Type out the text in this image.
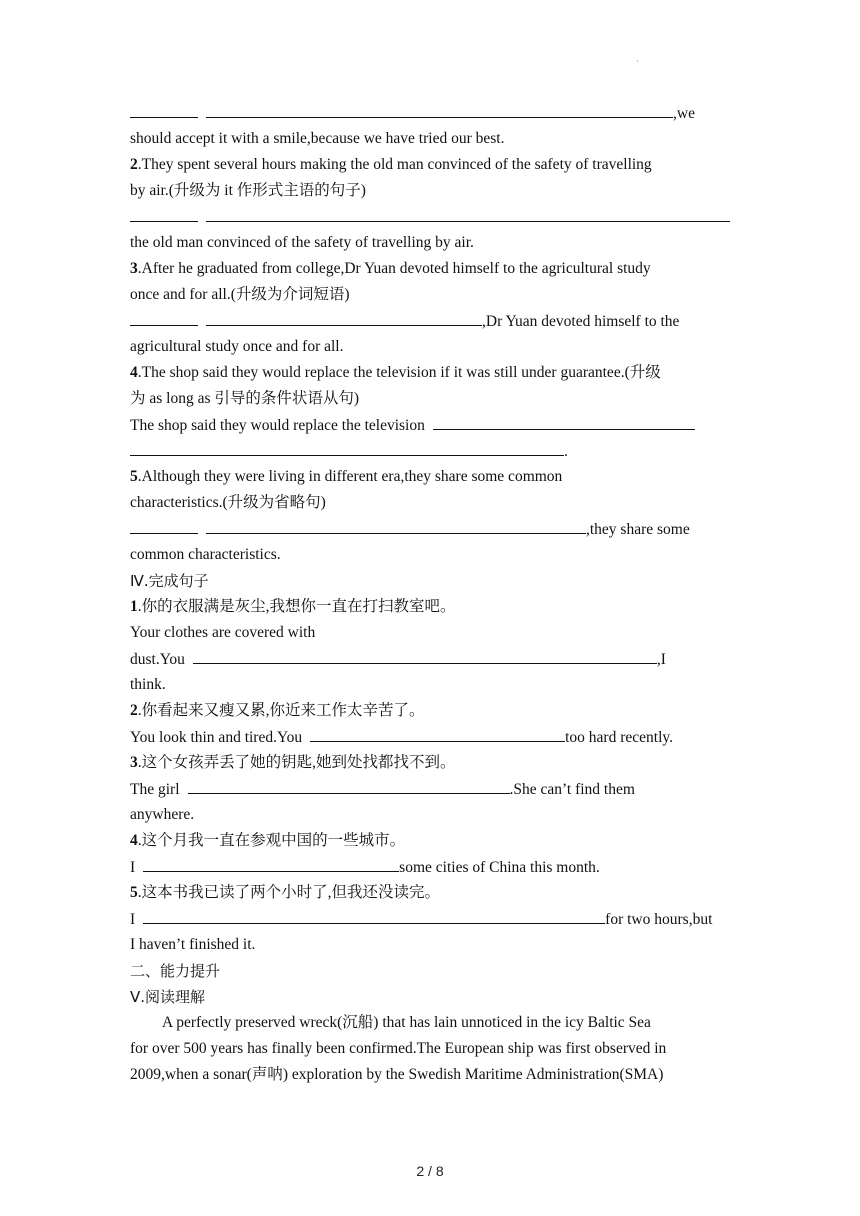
·
,we
should accept it with a smile,because we have tried our best.
2.They spent several hours making the old man convinced of the safety of travelling
by air.(升级为 it 作形式主语的句子)
the old man convinced of the safety of travelling by air.
3.After he graduated from college,Dr Yuan devoted himself to the agricultural study
once and for all.(升级为介词短语)
,Dr Yuan devoted himself to the
agricultural study once and for all.
4.The shop said they would replace the television if it was still under guarantee.(升级
为 as long as 引导的条件状语从句)
The shop said they would replace the television
.
5.Although they were living in different era,they share some common
characteristics.(升级为省略句)
,they share some
common characteristics.
Ⅳ.完成句子
1.你的衣服满是灰尘,我想你一直在打扫教室吧。
Your clothes are covered with
dust.You	,I
think.
2.你看起来又瘦又累,你近来工作太辛苦了。
You look thin and tired.You	too hard recently.
3.这个女孩弄丢了她的钥匙,她到处找都找不到。
The girl	.She can’t find them
anywhere.
4.这个月我一直在参观中国的一些城市。
I	some cities of China this month.
5.这本书我已读了两个小时了,但我还没读完。
I	for two hours,but
I haven’t finished it.
二、能力提升
Ⅴ.阅读理解
A perfectly preserved wreck(沉船) that has lain unnoticed in the icy Baltic Sea
for over 500 years has finally been confirmed.The European ship was first observed in
2009,when a sonar(声呐) exploration by the Swedish Maritime Administration(SMA)
2 / 8
